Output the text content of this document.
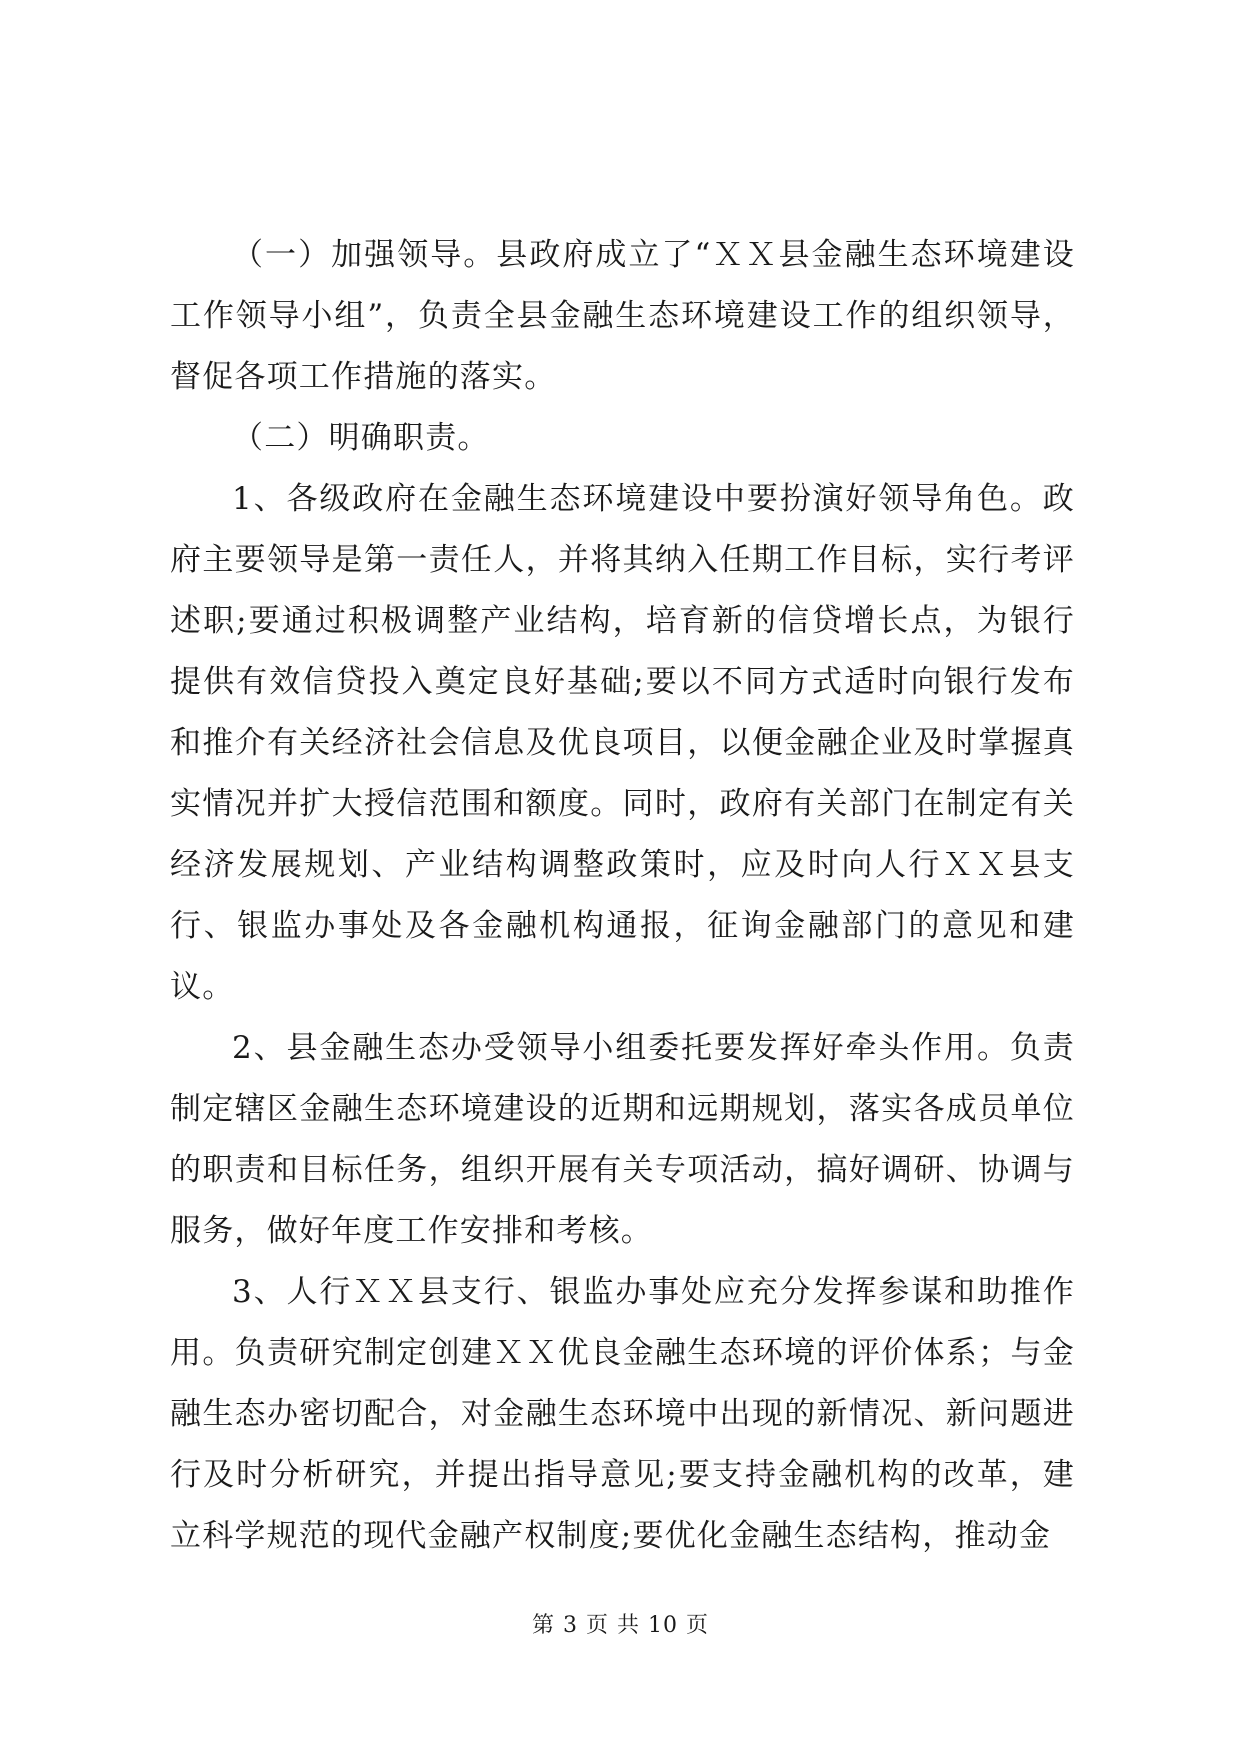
（一）加强领导。县政府成立了“ＸＸ县金融生态环境建设工作领导小组”，负责全县金融生态环境建设工作的组织领导，督促各项工作措施的落实。

（二）明确职责。

1、各级政府在金融生态环境建设中要扮演好领导角色。政府主要领导是第一责任人，并将其纳入任期工作目标，实行考评述职;要通过积极调整产业结构，培育新的信贷增长点，为银行提供有效信贷投入奠定良好基础;要以不同方式适时向银行发布和推介有关经济社会信息及优良项目，以便金融企业及时掌握真实情况并扩大授信范围和额度。同时，政府有关部门在制定有关经济发展规划、产业结构调整政策时，应及时向人行ＸＸ县支行、银监办事处及各金融机构通报，征询金融部门的意见和建议。

2、县金融生态办受领导小组委托要发挥好牵头作用。负责制定辖区金融生态环境建设的近期和远期规划，落实各成员单位的职责和目标任务，组织开展有关专项活动，搞好调研、协调与服务，做好年度工作安排和考核。

3、人行ＸＸ县支行、银监办事处应充分发挥参谋和助推作用。负责研究制定创建ＸＸ优良金融生态环境的评价体系；与金融生态办密切配合，对金融生态环境中出现的新情况、新问题进行及时分析研究，并提出指导意见;要支持金融机构的改革，建立科学规范的现代金融产权制度;要优化金融生态结构，推动金

第 3 页 共 10 页
